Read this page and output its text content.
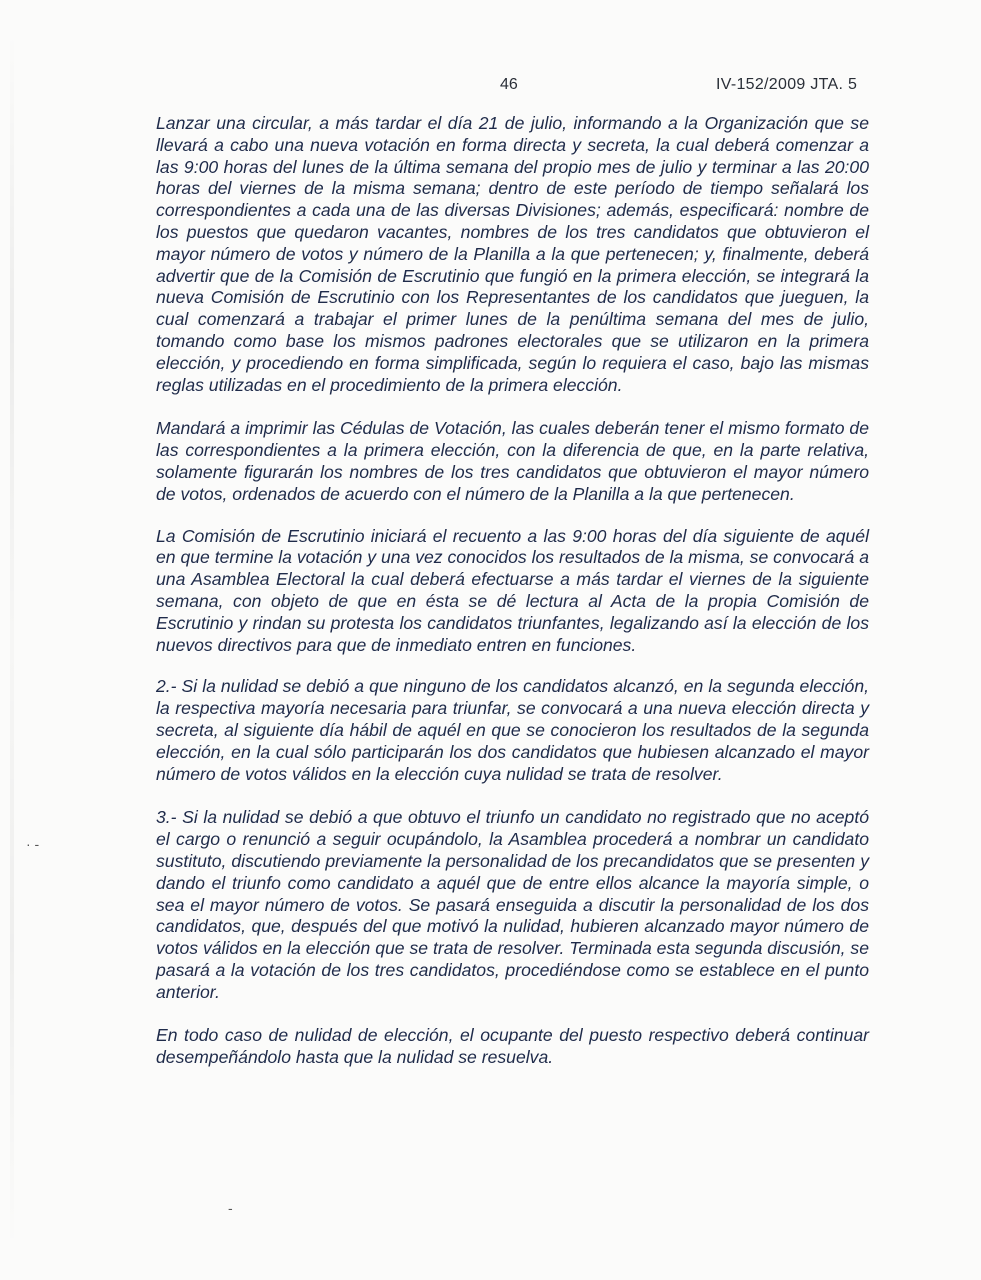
46	IV-152/2009 JTA. 5

Lanzar una circular, a más tardar el día 21 de julio, informando a la Organización que se llevará a cabo una nueva votación en forma directa y secreta, la cual deberá comenzar a las 9:00 horas del lunes de la última semana del propio mes de julio y terminar a las 20:00 horas del viernes de la misma semana; dentro de este período de tiempo señalará los correspondientes a cada una de las diversas Divisiones; además, especificará: nombre de los puestos que quedaron vacantes, nombres de los tres candidatos que obtuvieron el mayor número de votos y número de la Planilla a la que pertenecen; y, finalmente, deberá advertir que de la Comisión de Escrutinio que fungió en la primera elección, se integrará la nueva Comisión de Escrutinio con los Representantes de los candidatos que jueguen, la cual comenzará a trabajar el primer lunes de la penúltima semana del mes de julio, tomando como base los mismos padrones electorales que se utilizaron en la primera elección, y procediendo en forma simplificada, según lo requiera el caso, bajo las mismas reglas utilizadas en el procedimiento de la primera elección.

Mandará a imprimir las Cédulas de Votación, las cuales deberán tener el mismo formato de las correspondientes a la primera elección, con la diferencia de que, en la parte relativa, solamente figurarán los nombres de los tres candidatos que obtuvieron el mayor número de votos, ordenados de acuerdo con el número de la Planilla a la que pertenecen.

La Comisión de Escrutinio iniciará el recuento a las 9:00 horas del día siguiente de aquél en que termine la votación y una vez conocidos los resultados de la misma, se convocará a una Asamblea Electoral la cual deberá efectuarse a más tardar el viernes de la siguiente semana, con objeto de que en ésta se dé lectura al Acta de la propia Comisión de Escrutinio y rindan su protesta los candidatos triunfantes, legalizando así la elección de los nuevos directivos para que de inmediato entren en funciones.

2.- Si la nulidad se debió a que ninguno de los candidatos alcanzó, en la segunda elección, la respectiva mayoría necesaria para triunfar, se convocará a una nueva elección directa y secreta, al siguiente día hábil de aquél en que se conocieron los resultados de la segunda elección, en la cual sólo participarán los dos candidatos que hubiesen alcanzado el mayor número de votos válidos en la elección cuya nulidad se trata de resolver.

3.- Si la nulidad se debió a que obtuvo el triunfo un candidato no registrado que no aceptó el cargo o renunció a seguir ocupándolo, la Asamblea procederá a nombrar un candidato sustituto, discutiendo previamente la personalidad de los precandidatos que se presenten y dando el triunfo como candidato a aquél que de entre ellos alcance la mayoría simple, o sea el mayor número de votos. Se pasará enseguida a discutir la personalidad de los dos candidatos, que, después del que motivó la nulidad, hubieren alcanzado mayor número de votos válidos en la elección que se trata de resolver. Terminada esta segunda discusión, se pasará a la votación de los tres candidatos, procediéndose como se establece en el punto anterior.

En todo caso de nulidad de elección, el ocupante del puesto respectivo deberá continuar desempeñándolo hasta que la nulidad se resuelva.

· -
-
